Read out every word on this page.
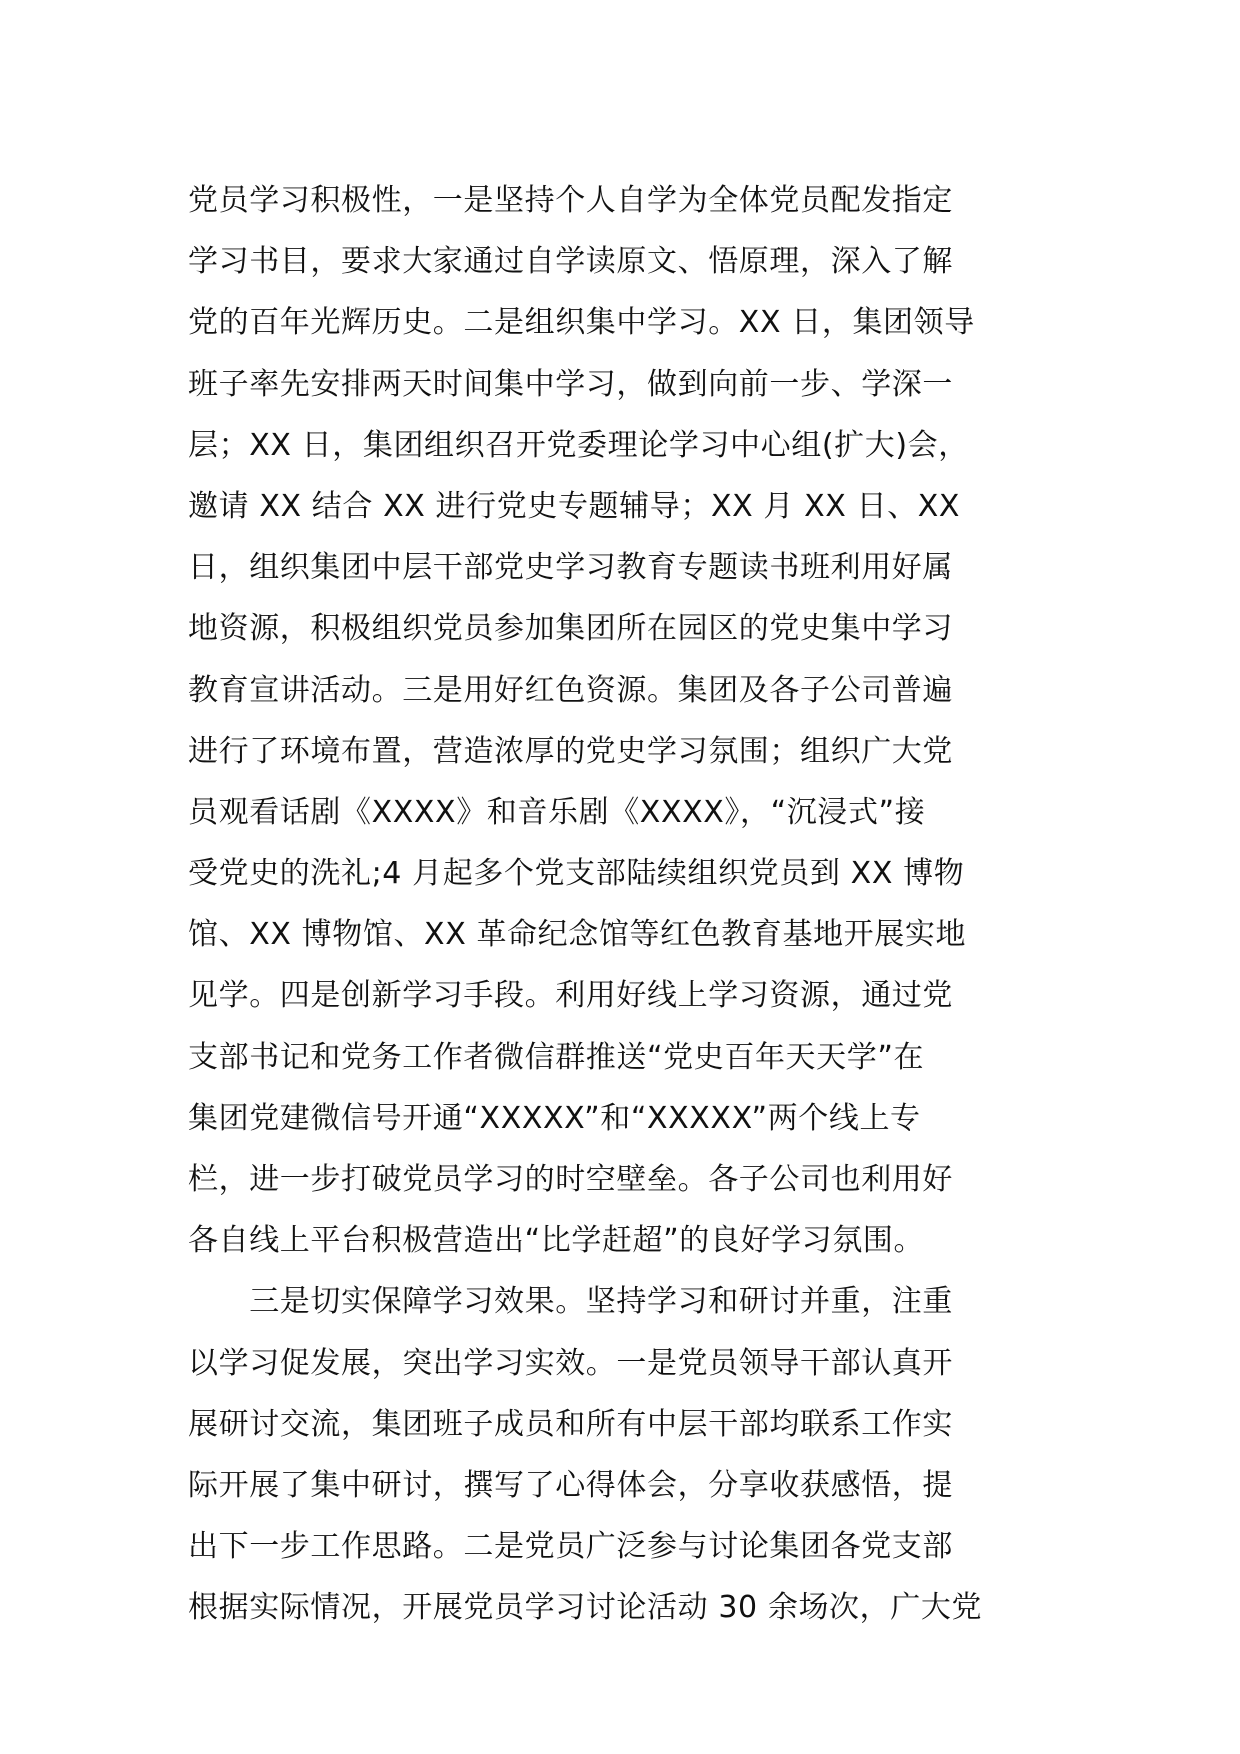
党员学习积极性，一是坚持个人自学为全体党员配发指定
学习书目，要求大家通过自学读原文、悟原理，深入了解
党的百年光辉历史。二是组织集中学习。XX 日，集团领导
班子率先安排两天时间集中学习，做到向前一步、学深一
层；XX 日，集团组织召开党委理论学习中心组(扩大)会，
邀请 XX 结合 XX 进行党史专题辅导；XX 月 XX 日、XX
日，组织集团中层干部党史学习教育专题读书班利用好属
地资源，积极组织党员参加集团所在园区的党史集中学习
教育宣讲活动。三是用好红色资源。集团及各子公司普遍
进行了环境布置，营造浓厚的党史学习氛围；组织广大党
员观看话剧《XXXX》和音乐剧《XXXX》，“沉浸式”接
受党史的洗礼;4 月起多个党支部陆续组织党员到 XX 博物
馆、XX 博物馆、XX 革命纪念馆等红色教育基地开展实地
见学。四是创新学习手段。利用好线上学习资源，通过党
支部书记和党务工作者微信群推送“党史百年天天学”在
集团党建微信号开通“XXXXX”和“XXXXX”两个线上专
栏，进一步打破党员学习的时空壁垒。各子公司也利用好
各自线上平台积极营造出“比学赶超”的良好学习氛围。
　　三是切实保障学习效果。坚持学习和研讨并重，注重
以学习促发展，突出学习实效。一是党员领导干部认真开
展研讨交流，集团班子成员和所有中层干部均联系工作实
际开展了集中研讨，撰写了心得体会，分享收获感悟，提
出下一步工作思路。二是党员广泛参与讨论集团各党支部
根据实际情况，开展党员学习讨论活动 30 余场次，广大党
